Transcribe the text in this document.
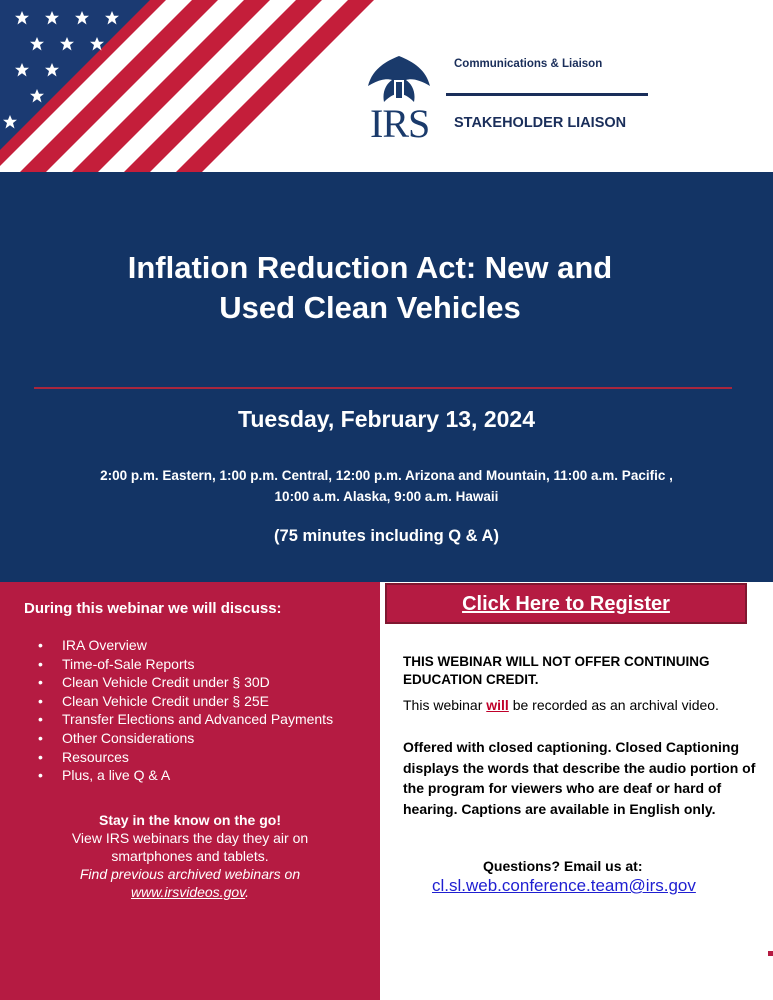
IRS
Communications & Liaison
STAKEHOLDER LIAISON
Inflation Reduction Act: New and
Used Clean Vehicles
Tuesday, February 13, 2024
2:00 p.m. Eastern, 1:00 p.m. Central, 12:00 p.m. Arizona and Mountain, 11:00 a.m. Pacific ,
10:00 a.m. Alaska, 9:00 a.m. Hawaii
(75 minutes including Q & A)
During this webinar we will discuss:
• IRA Overview
• Time-of-Sale Reports
• Clean Vehicle Credit under § 30D
• Clean Vehicle Credit under § 25E
• Transfer Elections and Advanced Payments
• Other Considerations
• Resources
• Plus, a live Q & A
Stay in the know on the go!
View IRS webinars the day they air on
smartphones and tablets.
Find previous archived webinars on
www.irsvideos.gov.
Click Here to Register
THIS WEBINAR WILL NOT OFFER CONTINUING EDUCATION CREDIT.
This webinar will be recorded as an archival video.
Offered with closed captioning. Closed Captioning displays the words that describe the audio portion of the program for viewers who are deaf or hard of hearing. Captions are available in English only.
Questions? Email us at:
cl.sl.web.conference.team@irs.gov
